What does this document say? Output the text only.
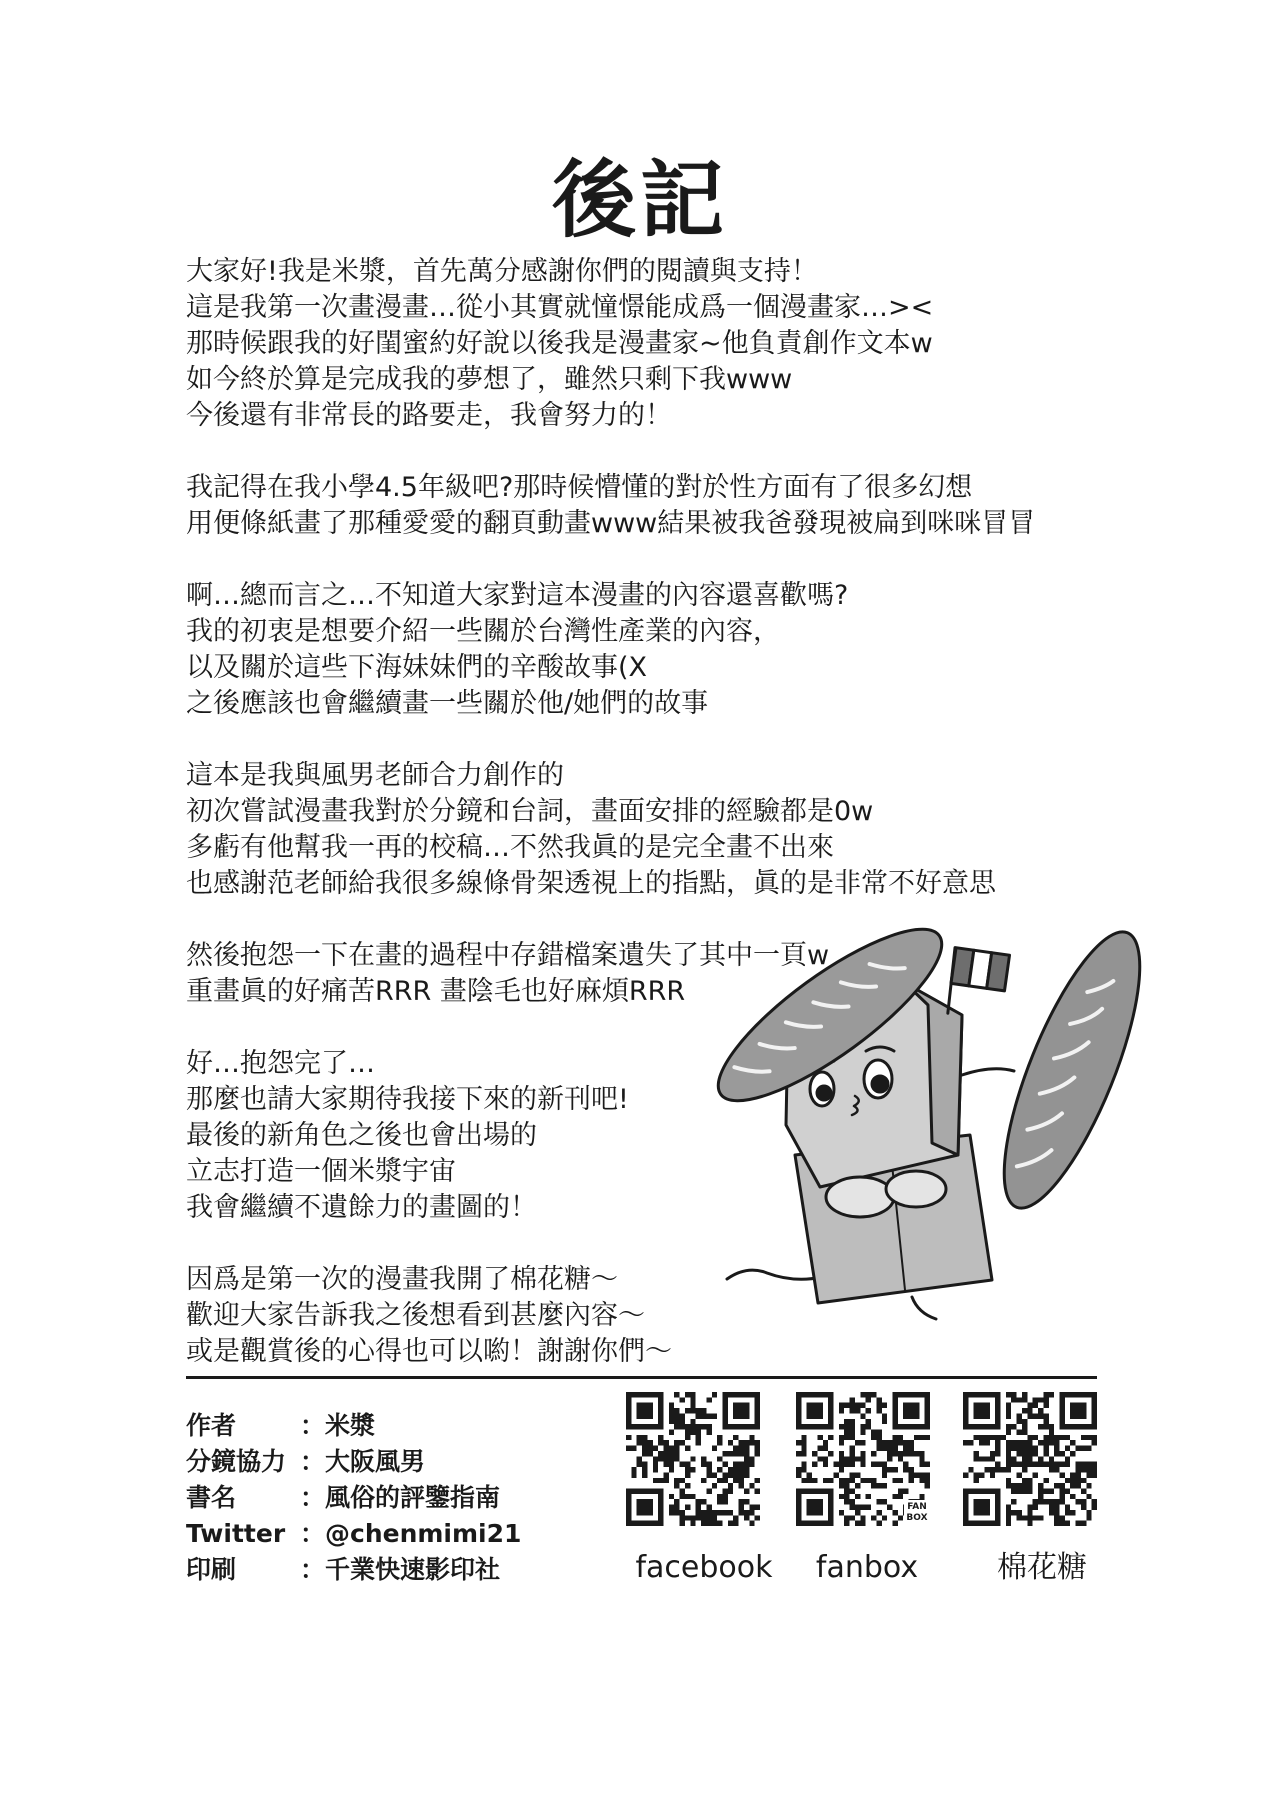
後記
大家好!我是米漿，首先萬分感謝你們的閱讀與支持！
這是我第一次畫漫畫…從小其實就憧憬能成爲一個漫畫家…><
那時候跟我的好閨蜜約好說以後我是漫畫家~他負責創作文本w
如今終於算是完成我的夢想了，雖然只剩下我www
今後還有非常長的路要走，我會努力的！
我記得在我小學4.5年級吧?那時候懵懂的對於性方面有了很多幻想
用便條紙畫了那種愛愛的翻頁動畫www結果被我爸發現被扁到咪咪冒冒
啊…總而言之…不知道大家對這本漫畫的內容還喜歡嗎?
我的初衷是想要介紹一些關於台灣性產業的內容，
以及關於這些下海妹妹們的辛酸故事(X
之後應該也會繼續畫一些關於他/她們的故事
這本是我與風男老師合力創作的
初次嘗試漫畫我對於分鏡和台詞，畫面安排的經驗都是0w
多虧有他幫我一再的校稿…不然我眞的是完全畫不出來
也感謝范老師給我很多線條骨架透視上的指點，眞的是非常不好意思
然後抱怨一下在畫的過程中存錯檔案遺失了其中一頁w
重畫眞的好痛苦RRR 畫陰毛也好麻煩RRR
好…抱怨完了…
那麼也請大家期待我接下來的新刊吧!
最後的新角色之後也會出場的
立志打造一個米漿宇宙
我會繼續不遺餘力的畫圖的！
因爲是第一次的漫畫我開了棉花糖～
歡迎大家告訴我之後想看到甚麼內容～
或是觀賞後的心得也可以喲！謝謝你們～
作者	：米漿
分鏡協力 ：大阪風男
書名	：風俗的評鑒指南
Twitter ：@chenmimi21
印刷	：千業快速影印社
FAN
BOX
facebook	fanbox	棉花糖
